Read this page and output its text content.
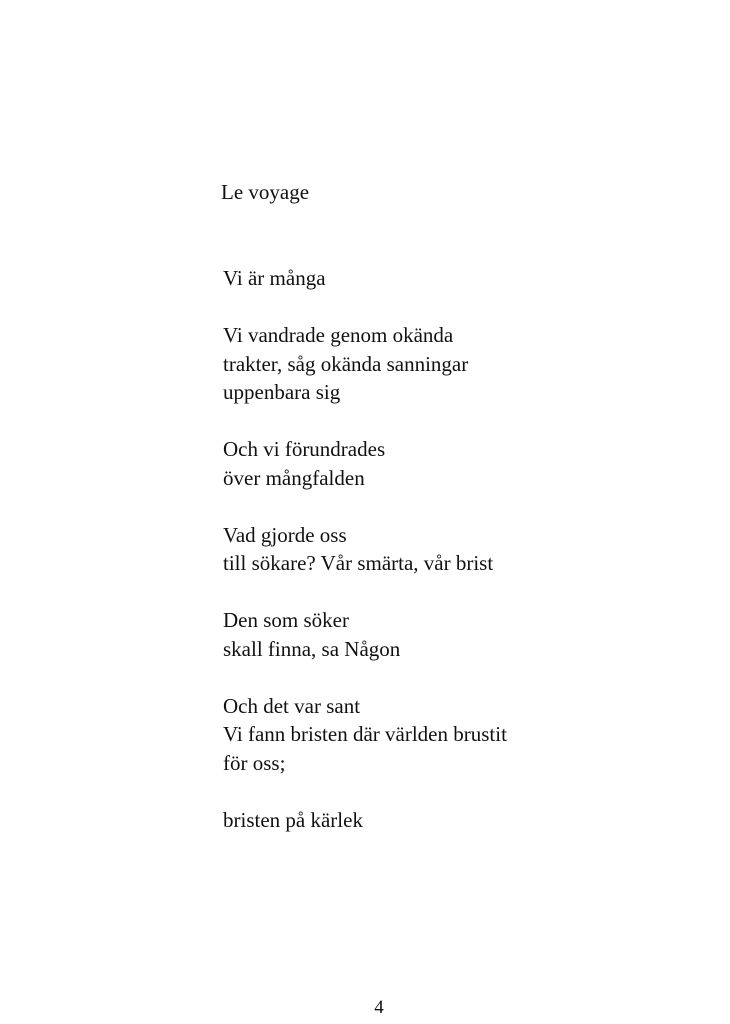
Le voyage
Vi är många
Vi vandrade genom okända
trakter, såg okända sanningar
uppenbara sig
Och vi förundrades
över mångfalden
Vad gjorde oss
till sökare? Vår smärta, vår brist
Den som söker
skall finna, sa Någon
Och det var sant
Vi fann bristen där världen brustit
för oss;
bristen på kärlek
4
